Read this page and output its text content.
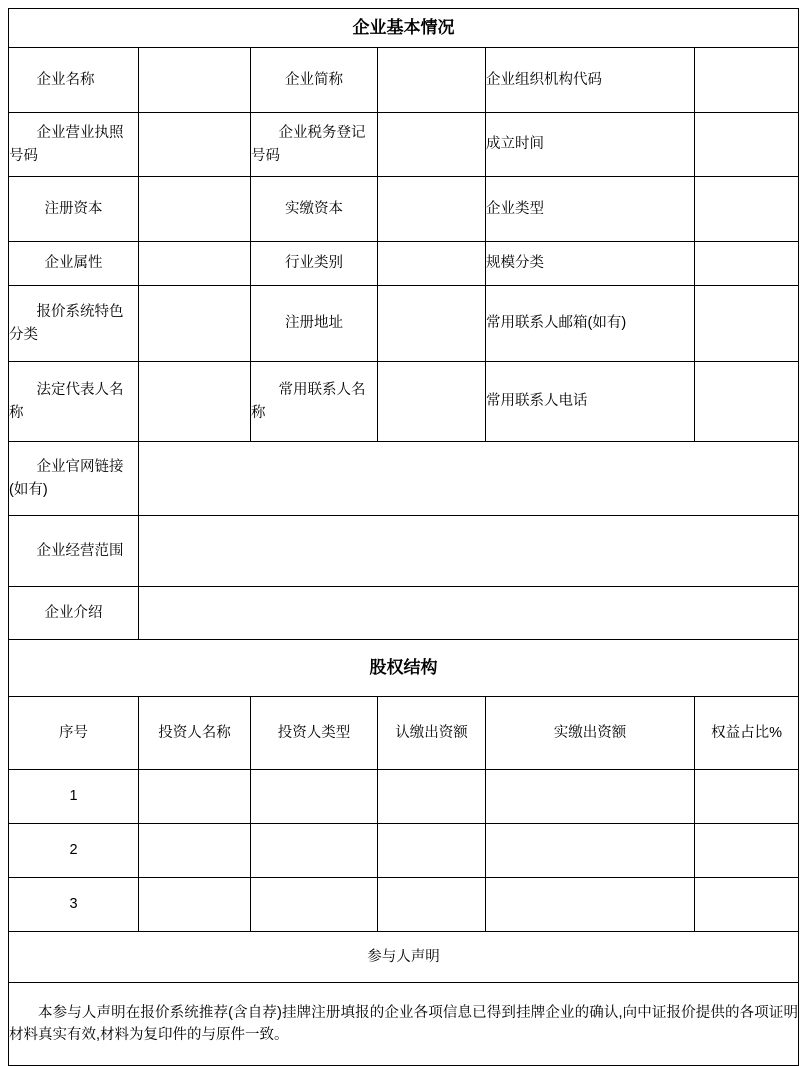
企业基本情况					
企业名称		企业简称		企业组织机构代码	
企业营业执照号码		企业税务登记号码		成立时间	
注册资本		实缴资本		企业类型	
企业属性		行业类别		规模分类	
报价系统特色分类		注册地址		常用联系人邮箱(如有)	
法定代表人名称		常用联系人名称		常用联系人电话	
企业官网链接(如有)					
企业经营范围					
企业介绍					
股权结构					
序号	投资人名称	投资人类型	认缴出资额	实缴出资额	权益占比%
1					
2					
3					
参与人声明					
本参与人声明在报价系统推荐(含自荐)挂牌注册填报的企业各项信息已得到挂牌企业的确认,向中证报价提供的各项证明材料真实有效,材料为复印件的与原件一致。					
